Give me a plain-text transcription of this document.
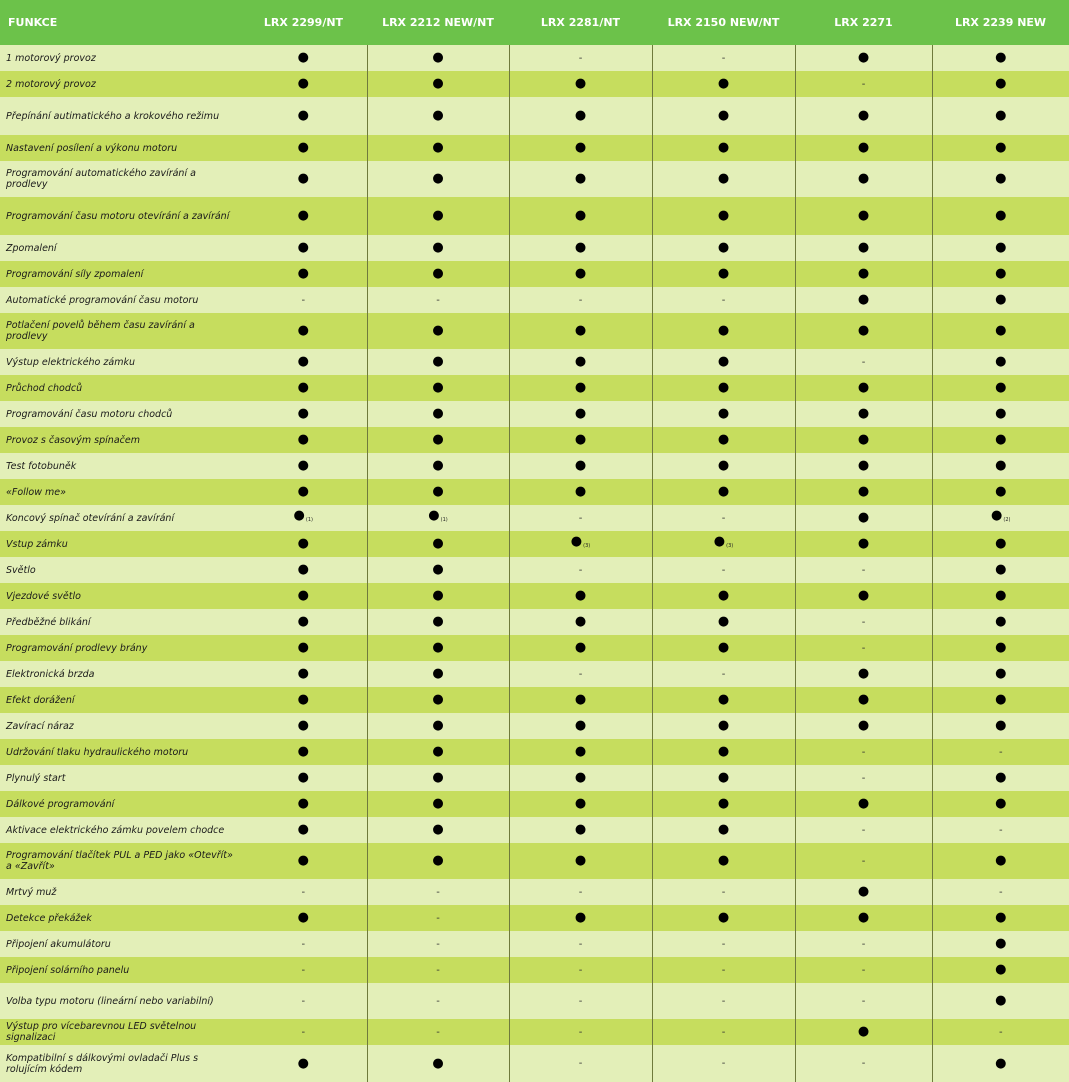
FUNKCE	LRX 2299/NT	LRX 2212 NEW/NT	LRX 2281/NT	LRX 2150 NEW/NT	LRX 2271	LRX 2239 NEW
1 motorový provoz	●	●	-	-	●	●
2 motorový provoz	●	●	●	●	-	●
Přepínání autimatického a krokového režimu	●	●	●	●	●	●
Nastavení posílení a výkonu motoru	●	●	●	●	●	●
Programování automatického zavírání a prodlevy	●	●	●	●	●	●
Programování času motoru otevírání a zavírání	●	●	●	●	●	●
Zpomalení	●	●	●	●	●	●
Programování síly zpomalení	●	●	●	●	●	●
Automatické programování času motoru	-	-	-	-	●	●
Potlačení povelů během času zavírání a prodlevy	●	●	●	●	●	●
Výstup elektrického zámku	●	●	●	●	-	●
Průchod chodců	●	●	●	●	●	●
Programování času motoru chodců	●	●	●	●	●	●
Provoz s časovým spínačem	●	●	●	●	●	●
Test fotobuněk	●	●	●	●	●	●
«Follow me»	●	●	●	●	●	●
Koncový spínač otevírání a zavírání	$●_{(1)}$	$●_{(1)}$	-	-	●	$●_{(2)}$
Vstup zámku	●	●	$●_{(3)}$	$●_{(3)}$	●	●
Světlo	●	●	-	-	-	●
Vjezdové světlo	●	●	●	●	●	●
Předběžné blikání	●	●	●	●	-	●
Programování prodlevy brány	●	●	●	●	-	●
Elektronická brzda	●	●	-	-	●	●
Efekt dorážení	●	●	●	●	●	●
Zavírací náraz	●	●	●	●	●	●
Udržování tlaku hydraulického motoru	●	●	●	●	-	-
Plynulý start	●	●	●	●	-	●
Dálkové programování	●	●	●	●	●	●
Aktivace elektrického zámku povelem chodce	●	●	●	●	-	-
Programování tlačítek PUL a PED jako «Otevřít» a «Zavřít»	●	●	●	●	-	●
Mrtvý muž	-	-	-	-	●	-
Detekce překážek	●	-	●	●	●	●
Připojení akumulátoru	-	-	-	-	-	●
Připojení solárního panelu	-	-	-	-	-	●
Volba typu motoru (lineární nebo variabilní)	-	-	-	-	-	●
Výstup pro vícebarevnou LED světelnou signalizaci	-	-	-	-	●	-
Kompatibilní s dálkovými ovladači Plus s rolujícím kódem	●	●	-	-	-	●
